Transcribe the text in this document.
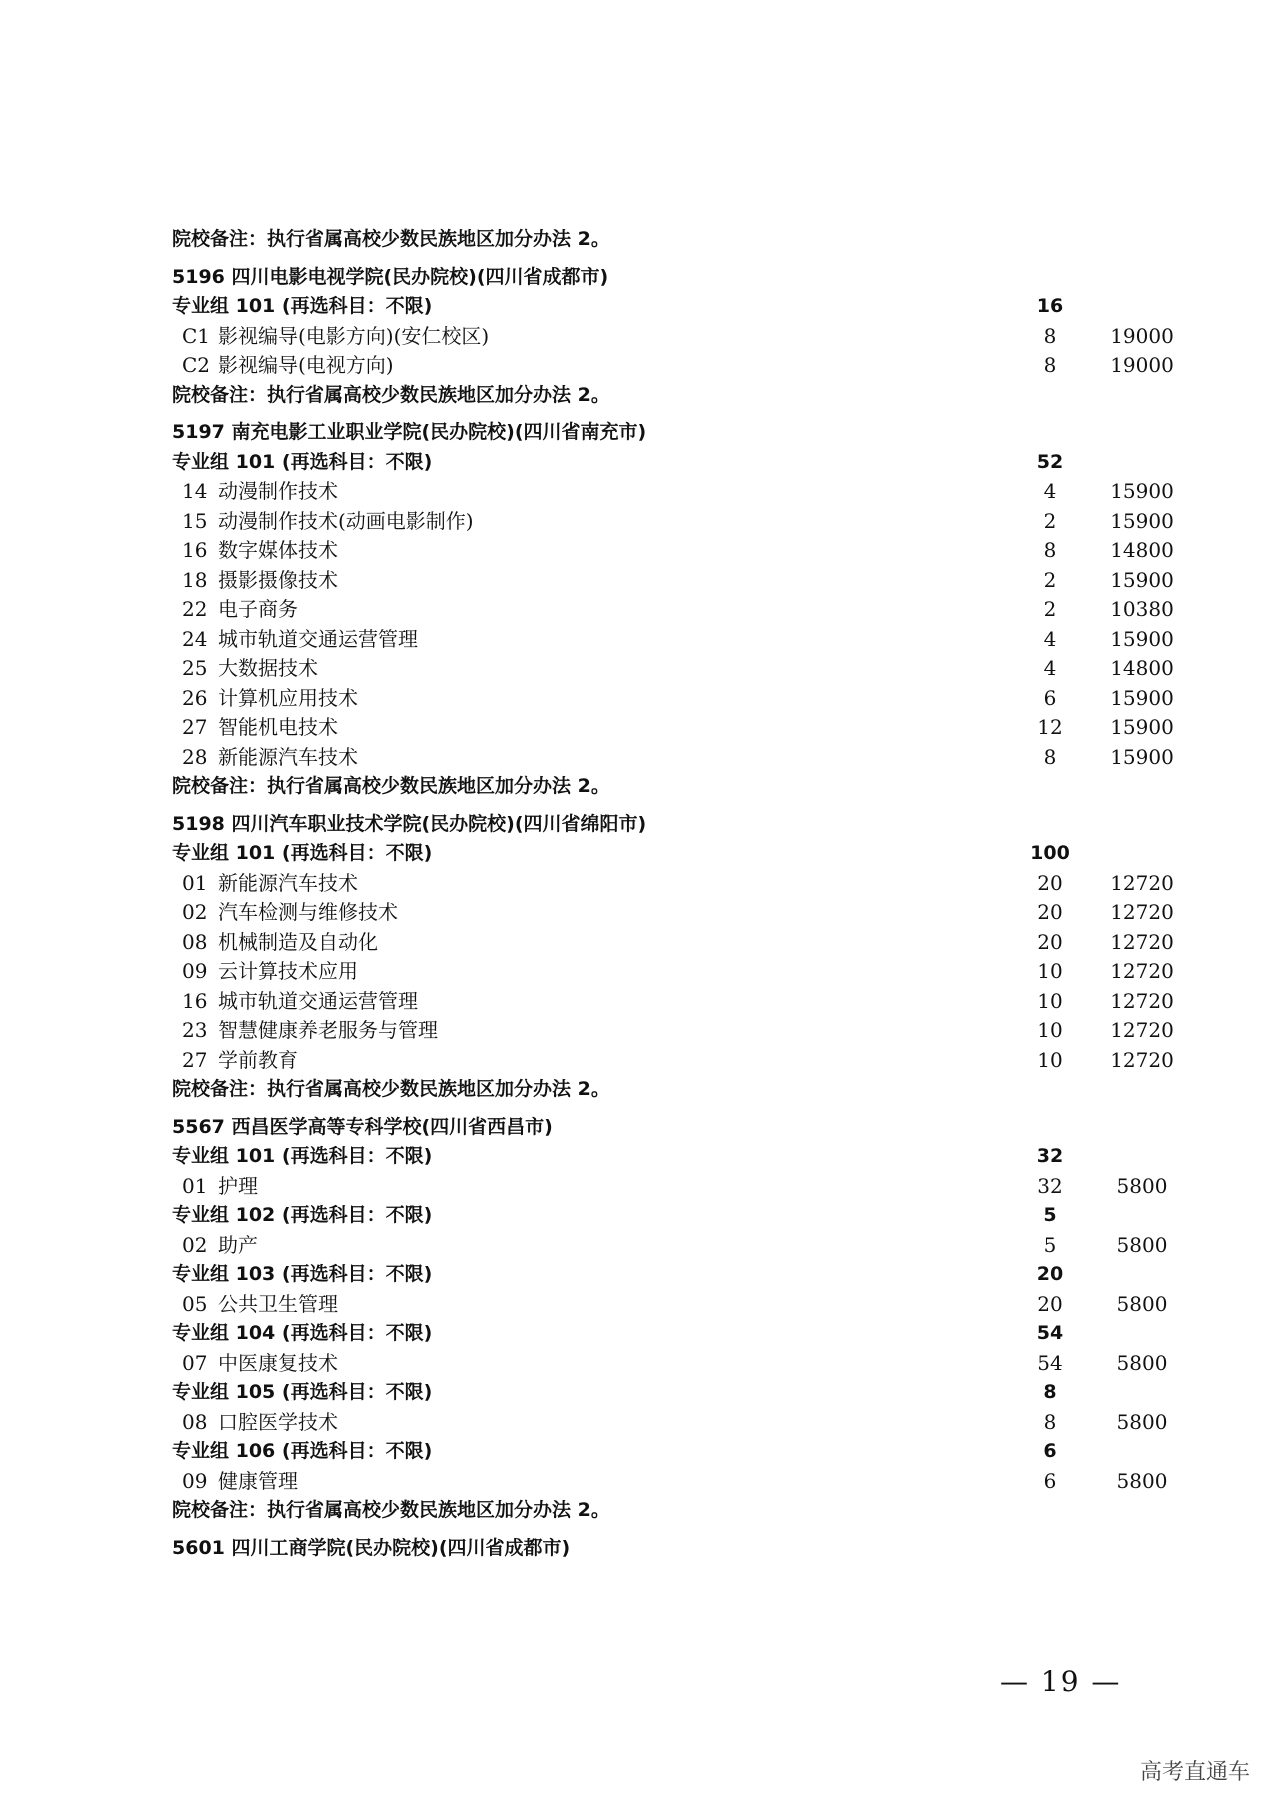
院校备注：执行省属高校少数民族地区加分办法 2。
5196 四川电影电视学院(民办院校)(四川省成都市)
专业组 101 (再选科目：不限)	16
C1 影视编导(电影方向)(安仁校区)	8	19000
C2 影视编导(电视方向)	8	19000
院校备注：执行省属高校少数民族地区加分办法 2。
5197 南充电影工业职业学院(民办院校)(四川省南充市)
专业组 101 (再选科目：不限)	52
14 动漫制作技术	4	15900
15 动漫制作技术(动画电影制作)	2	15900
16 数字媒体技术	8	14800
18 摄影摄像技术	2	15900
22 电子商务	2	10380
24 城市轨道交通运营管理	4	15900
25 大数据技术	4	14800
26 计算机应用技术	6	15900
27 智能机电技术	12	15900
28 新能源汽车技术	8	15900
院校备注：执行省属高校少数民族地区加分办法 2。
5198 四川汽车职业技术学院(民办院校)(四川省绵阳市)
专业组 101 (再选科目：不限)	100
01 新能源汽车技术	20	12720
02 汽车检测与维修技术	20	12720
08 机械制造及自动化	20	12720
09 云计算技术应用	10	12720
16 城市轨道交通运营管理	10	12720
23 智慧健康养老服务与管理	10	12720
27 学前教育	10	12720
院校备注：执行省属高校少数民族地区加分办法 2。
5567 西昌医学高等专科学校(四川省西昌市)
专业组 101 (再选科目：不限)	32
01 护理	32	5800
专业组 102 (再选科目：不限)	5
02 助产	5	5800
专业组 103 (再选科目：不限)	20
05 公共卫生管理	20	5800
专业组 104 (再选科目：不限)	54
07 中医康复技术	54	5800
专业组 105 (再选科目：不限)	8
08 口腔医学技术	8	5800
专业组 106 (再选科目：不限)	6
09 健康管理	6	5800
院校备注：执行省属高校少数民族地区加分办法 2。
5601 四川工商学院(民办院校)(四川省成都市)
— 19 —
高考直通车
